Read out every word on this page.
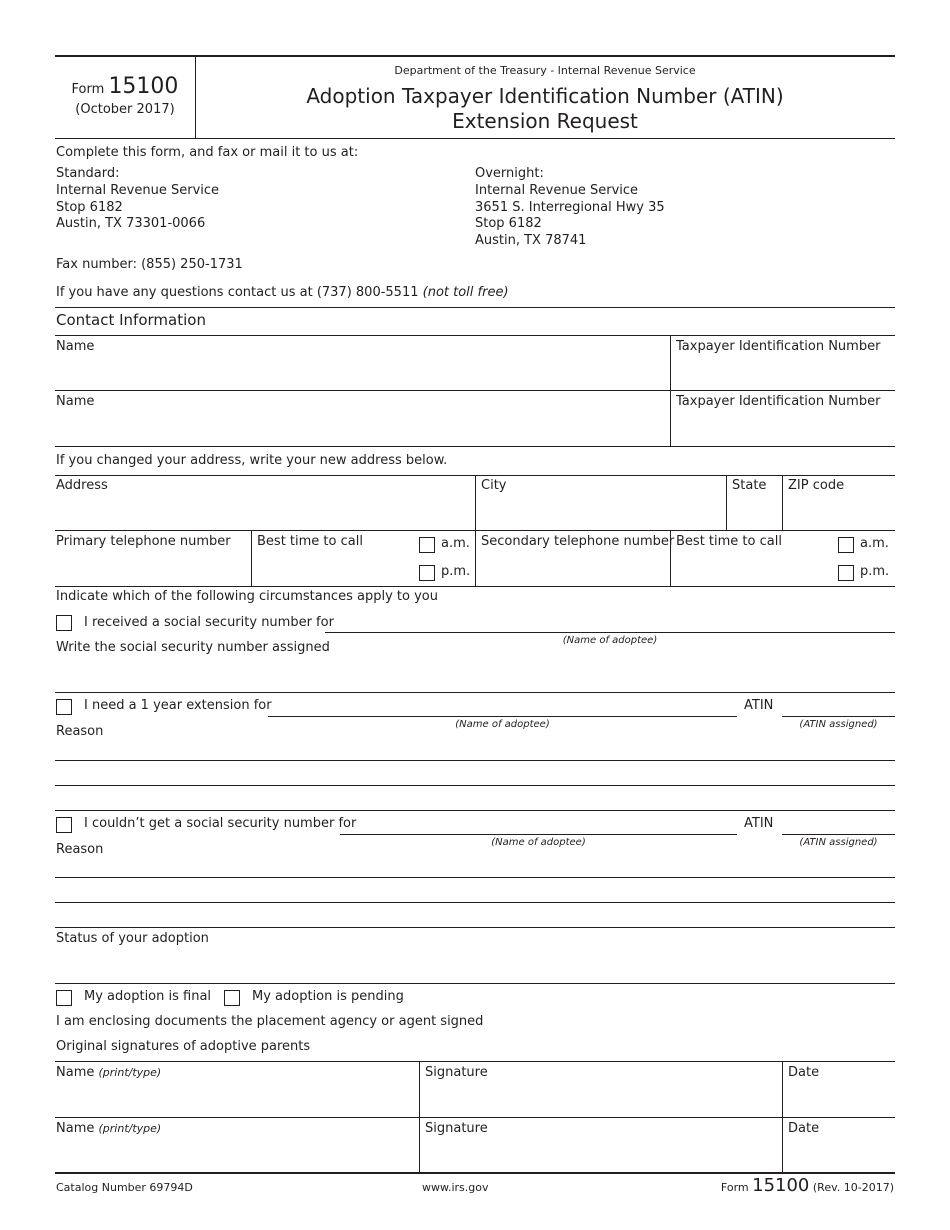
Form 15100
(October 2017)
Department of the Treasury - Internal Revenue Service
Adoption Taxpayer Identification Number (ATIN)
Extension Request
Complete this form, and fax or mail it to us at:
Standard:
Internal Revenue Service
Stop 6182
Austin, TX 73301-0066
Overnight:
Internal Revenue Service
3651 S. Interregional Hwy 35
Stop 6182
Austin, TX 78741
Fax number: (855) 250-1731
If you have any questions contact us at (737) 800-5511 (not toll free)
Contact Information
Name	Taxpayer Identification Number
Name	Taxpayer Identification Number
If you changed your address, write your new address below.
Address	City	State ZIP code
Primary telephone number Best time to call	a.m.
p.m.
Secondary telephone number Best time to call	a.m.
p.m.
Indicate which of the following circumstances apply to you
I received a social security number for
(Name of adoptee)
Write the social security number assigned
I need a 1 year extension for
(Name of adoptee)
ATIN
(ATIN assigned)
Reason
I couldn’t get a social security number for
(Name of adoptee)
ATIN
(ATIN assigned)
Reason
Status of your adoption
My adoption is final	My adoption is pending
I am enclosing documents the placement agency or agent signed
Original signatures of adoptive parents
Name (print/type)	Signature	Date
Name (print/type)	Signature	Date
Catalog Number 69794D	www.irs.gov	Form 15100 (Rev. 10-2017)
